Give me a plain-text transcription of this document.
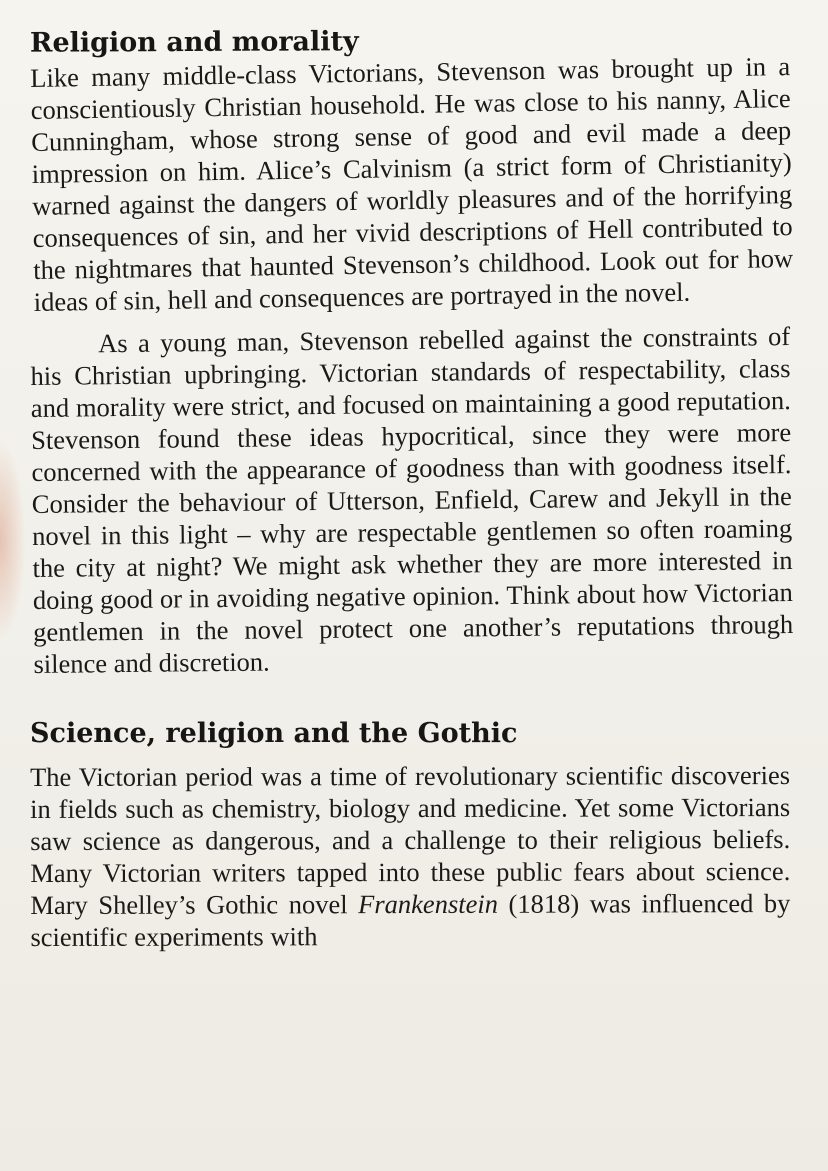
Religion and morality

Like many middle-class Victorians, Stevenson was brought up in a conscientiously Christian household. He was close to his nanny, Alice Cunningham, whose strong sense of good and evil made a deep impression on him. Alice’s Calvinism (a strict form of Christianity) warned against the dangers of worldly pleasures and of the horrifying consequences of sin, and her vivid descriptions of Hell contributed to the nightmares that haunted Stevenson’s childhood. Look out for how ideas of sin, hell and consequences are portrayed in the novel.

As a young man, Stevenson rebelled against the constraints of his Christian upbringing. Victorian standards of respectability, class and morality were strict, and focused on maintaining a good reputation. Stevenson found these ideas hypocritical, since they were more concerned with the appearance of goodness than with goodness itself. Consider the behaviour of Utterson, Enfield, Carew and Jekyll in the novel in this light – why are respectable gentlemen so often roaming the city at night? We might ask whether they are more interested in doing good or in avoiding negative opinion. Think about how Victorian gentlemen in the novel protect one another’s reputations through silence and discretion.

Science, religion and the Gothic

The Victorian period was a time of revolutionary scientific discoveries in fields such as chemistry, biology and medicine. Yet some Victorians saw science as dangerous, and a challenge to their religious beliefs. Many Victorian writers tapped into these public fears about science. Mary Shelley’s Gothic novel Frankenstein (1818) was influenced by scientific experiments with
